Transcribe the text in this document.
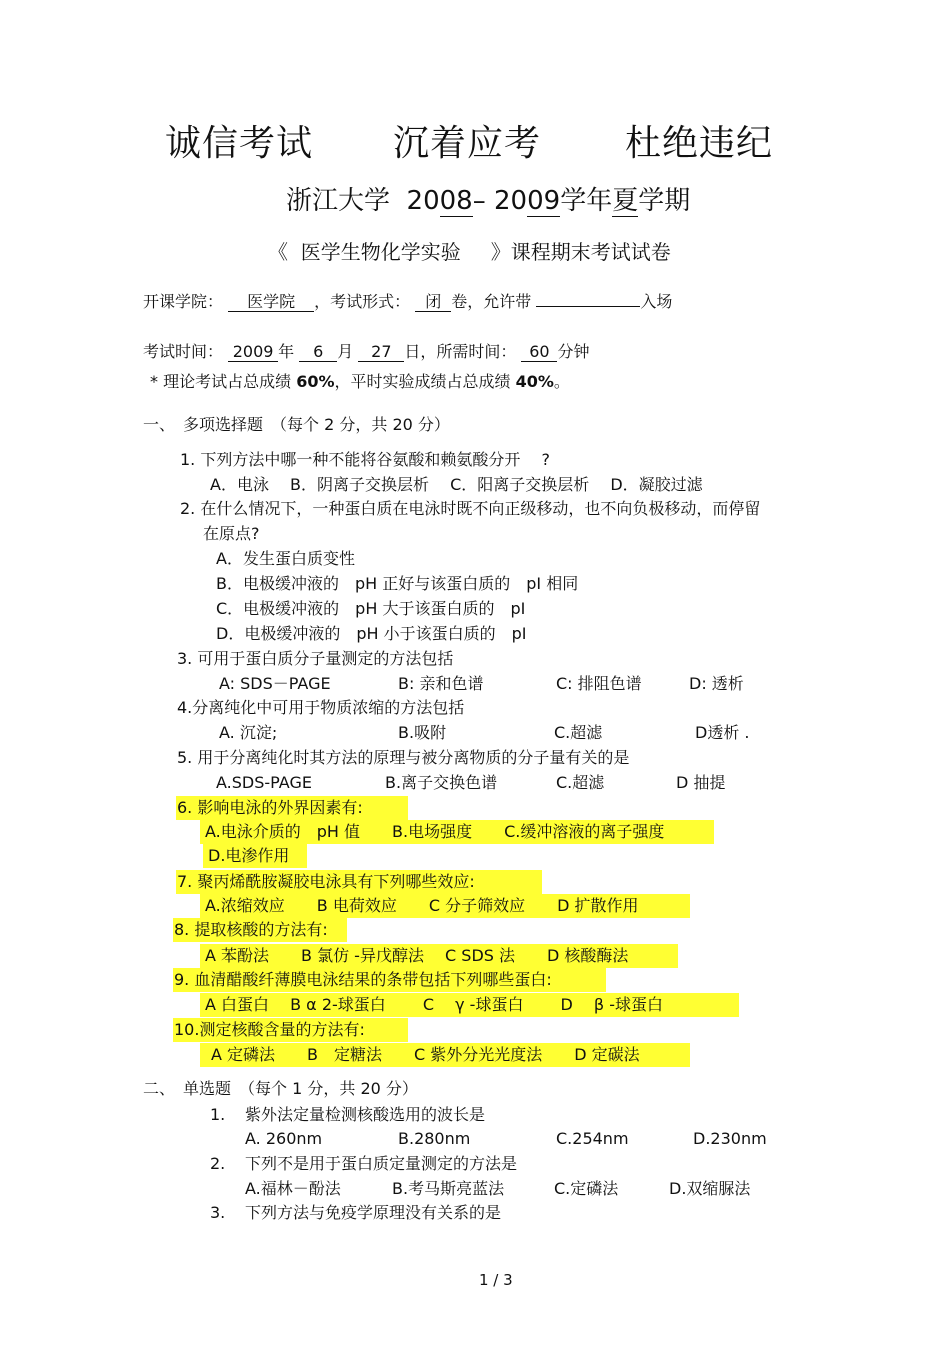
诚信考试 沉着应考 杜绝违纪
浙江大学 2008– 2009学年夏学期
《 医学生物化学实验 》课程期末考试试卷
开课学院： 医学院 ，考试形式： 闭 卷，允许带	入场
考试时间： 2009 年 6 月 27 日，所需时间： 60 分钟
* 理论考试占总成绩 60%，平时实验成绩占总成绩 40%。
一、　多项选择题　（每个 2 分，共 20 分）
1. 下列方法中哪一种不能将谷氨酸和赖氨酸分开　 ?
A．电泳　 B．阴离子交换层析　 C．阳离子交换层析　 D．凝胶过滤
2. 在什么情况下，一种蛋白质在电泳时既不向正级移动，也不向负极移动，而停留
在原点?
A．发生蛋白质变性
B．电极缓冲液的　pH 正好与该蛋白质的　pI 相同
C．电极缓冲液的　pH 大于该蛋白质的　pI
D．电极缓冲液的　pH 小于该蛋白质的　pI
3. 可用于蛋白质分子量测定的方法包括
A: SDS－PAGE	B: 亲和色谱	C: 排阻色谱	D: 透析
4.分离纯化中可用于物质浓缩的方法包括
A. 沉淀;	B.吸附	C.超滤	D透析 .
5. 用于分离纯化时其方法的原理与被分离物质的分子量有关的是
A.SDS-PAGE	B.离子交换色谱	C.超滤	D 抽提
6. 影响电泳的外界因素有:
A.电泳介质的　pH 值　　B.电场强度　　C.缓冲溶液的离子强度
D.电渗作用
7. 聚丙烯酰胺凝胶电泳具有下列哪些效应:
A.浓缩效应　　B 电荷效应　　C 分子筛效应　　D 扩散作用
8. 提取核酸的方法有:
A 苯酚法　　B 氯仿 -异戊醇法　 C SDS 法　　D 核酸酶法
9. 血清醋酸纤薄膜电泳结果的条带包括下列哪些蛋白:
A 白蛋白　 B α 2-球蛋白　　 C　 γ -球蛋白　　 D　 β -球蛋白
10.测定核酸含量的方法有:
A 定磷法　　B　定糖法　　C 紫外分光光度法　　D 定碳法
二、　单选题　（每个 1 分，共 20 分）
1. 紫外法定量检测核酸选用的波长是
A. 260nm	B.280nm	C.254nm	D.230nm
2. 下列不是用于蛋白质定量测定的方法是
A.福林－酚法	B.考马斯亮蓝法	C.定磷法	D.双缩脲法
3. 下列方法与免疫学原理没有关系的是
1 / 3
